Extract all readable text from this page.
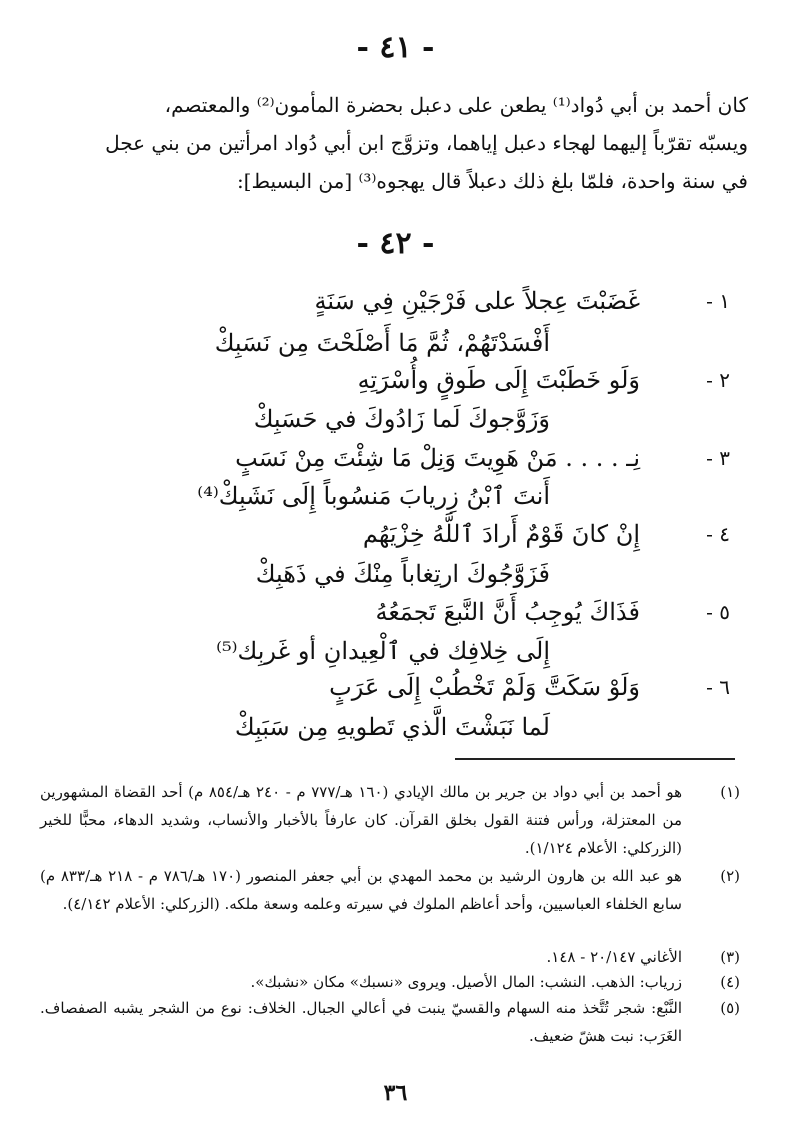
- ٤١ -
كان أحمد بن أبي دُواد⁽¹⁾ يطعن على دعبل بحضرة المأمون⁽²⁾ والمعتصم،
ويسبّه تقرّباً إليهما لهجاء دعبل إياهما، وتزوَّج ابن أبي دُواد امرأتين من بني عجل
في سنة واحدة، فلمّا بلغ ذلك دعبلاً قال يهجوه⁽³⁾ [من البسيط]:
- ٤٢ -
١ -
غَضَبْتَ عِجلاً على فَرْجَيْنِ فِي سَنَةٍ
أَفْسَدْتَهُمْ، ثُمَّ مَا أَصْلَحْتَ مِن نَسَبِكْ
٢ -
وَلَو خَطَبْتَ إِلَى طَوقٍ وأُسْرَتِهِ
وَزَوَّجوكَ لَما زَادُوكَ في حَسَبِكْ
٣ -
نِـ . . . . مَنْ هَوِيتَ وَنِلْ مَا شِئْتَ مِنْ نَسَبٍ
أَنتَ ٱبْنُ زِريابَ مَنسُوباً إِلَى نَشَبِكْ⁽⁴⁾
٤ -
إِنْ كانَ قَوْمٌ أَرادَ ٱللَّهُ خِزْيَهُم
فَزَوَّجُوكَ ارتِغاباً مِنْكَ في ذَهَبِكْ
٥ -
فَذَاكَ يُوجِبُ أَنَّ النَّبعَ تَجمَعُهُ
إِلَى خِلافِك في ٱلْعِيدانِ أو غَربِك⁽⁵⁾
٦ -
وَلَوْ سَكَتَّ وَلَمْ تَخْطُبْ إِلَى عَرَبٍ
لَما نَبَشْتَ الَّذي تَطويهِ مِن سَبَبِكْ
(١)
هو أحمد بن أبي دواد بن جرير بن مالك الإيادي (١٦٠ هـ/٧٧٧ م - ٢٤٠ هـ/٨٥٤ م) أحد القضاة المشهورين من المعتزلة، ورأس فتنة القول بخلق القرآن. كان عارفاً بالأخبار والأنساب، وشديد الدهاء، محبًّا للخير (الزركلي: الأعلام ١/١٢٤).
(٢)
هو عبد الله بن هارون الرشيد بن محمد المهدي بن أبي جعفر المنصور (١٧٠ هـ/٧٨٦ م - ٢١٨ هـ/٨٣٣ م) سابع الخلفاء العباسيين، وأحد أعاظم الملوك في سيرته وعلمه وسعة ملكه. (الزركلي: الأعلام ٤/١٤٢).
(٣)
الأغاني ٢٠/١٤٧ - ١٤٨.
(٤)
زرياب: الذهب. النشب: المال الأصيل. ويروى «نسبك» مكان «نشبك».
(٥)
النَّبْع: شجر تُتَّخذ منه السهام والقسيّ ينبت في أعالي الجبال. الخلاف: نوع من الشجر يشبه الصفصاف. الغَرَب: نبت هشّ ضعيف.
٣٦
